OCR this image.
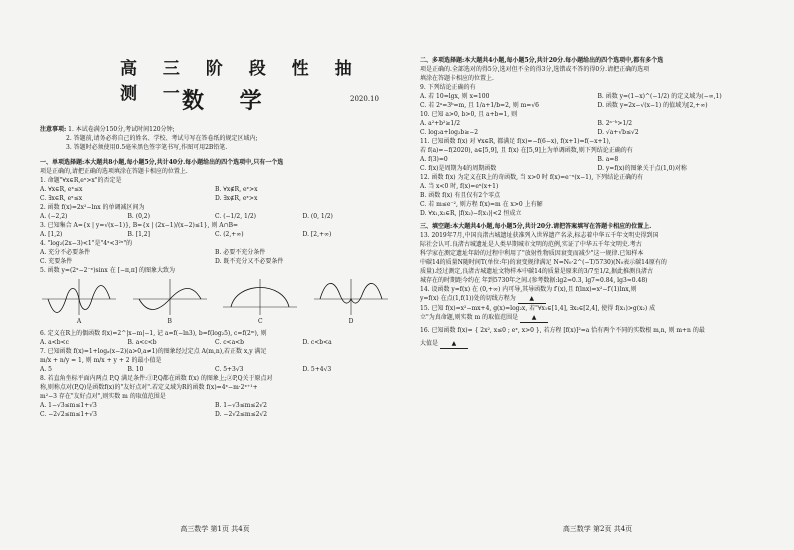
高 三 阶 段 性 抽 测 一
数 学	2020.10
注意事项: 1. 本试卷满分150分,考试时间120分钟;
2. 答题前,请务必将自己的姓名、学校、考试号写在答卷纸的规定区域内;
3. 答题时必须使用0.5毫米黑色签字笔书写,作图可用2B铅笔.
一、单项选择题:本大题共8小题,每小题5分,共计40分.每小题给出的四个选项中,只有一个选
项是正确的,请把正确的选项填涂在答题卡相应的位置上.
1. 命题"∀x∈R,eˣ>x"的否定是
A. ∀x∈R, eˣ≤x	B. ∀x∉R, eˣ>x
C. ∃x∈R, eˣ≤x	D. ∃x∉R, eˣ>x
2. 函数 f(x)=2x²−lnx 的单调减区间为
A. (−2,2)	B. (0,2)	C. (−1/2, 1/2)	D. (0, 1/2)
3. 已知集合 A={x | y=√(x−1)}, B={x | (2x−1)/(x−2)≤1}, 则 A∩B=
A. [1,2)	B. [1,2]	C. (2,+∞)	D. [2,+∞)
4. "log₂(2x−3)<1"是"4ˣ<3²ˣ"的
A. 充分不必要条件	B. 必要不充分条件
C. 充要条件	D. 既不充分又不必要条件
5. 函数 y=(2ˣ−2⁻ˣ)sinx 在 [−π,π] 的图象大致为
A	B	C	D
6. 定义在R上的偶函数 f(x)=2^|x−m|−1, 记 a=f(−ln3), b=f(log₂5), c=f(2ᵐ), 则
A. a<b<c	B. a<c<b	C. c<a<b	D. c<b<a
7. 已知函数 f(x)=1+logₐ(x−2)(a>0,a≠1)的图象经过定点 A(m,n),若正数 x,y 满足
m/x + n/y = 1, 则 m/x + y + 2 的最小值是
A. 5	B. 10	C. 5+3√3	D. 5+4√3
8. 若直角坐标平面内两点 P,Q 满足条件:①P,Q都在函数 f(x) 的图象上;②P,Q关于原点对
称,则称点对(P,Q)是函数f(x)的"友好点对".若定义域为R的函数 f(x)=4ˣ−m·2ˣ⁺¹+
m²−3 存在"友好点对",则实数 m 的取值范围是
A. 1−√3≤m≤1+√3	B. 1−√3≤m≤2√2
C. −2√2≤m≤1+√3	D. −2√2≤m≤2√2
高三数学 第1页 共4页
二、多项选择题:本大题共4小题,每小题5分,共计20分.每小题给出的四个选项中,都有多个选
项是正确的.全部选对的得5分,选对但不全的得3分,选错或不答的得0分.请把正确的选项
填涂在答题卡相应的位置上.
9. 下列结论正确的有
A. 若 10=lgx, 则 x=100	B. 函数 y=(1−x)^(−1/2) 的定义域为(−∞,1)
C. 若 2ᵃ=3ᵇ=m, 且 1/a+1/b=2, 则 m=√6	D. 函数 y=2x−√(x−1) 的值域为[2,+∞)
10. 已知 a>0, b>0, 且 a+b=1, 则
A. a²+b²≥1/2	B. 2ᵃ⁻ᵇ>1/2
C. log₂a+log₂b≥−2	D. √a+√b≤√2
11. 已知函数 f(x) 对 ∀x∈R, 都满足 f(x)=−f(6−x), f(x+1)=f(−x+1),
若 f(a)=−f(2020), a∈[5,9], 且 f(x) 在[5,9]上为单调函数,则下列结论正确的有
A. f(3)=0	B. a=8
C. f(x)是周期为4的周期函数	D. y=f(x)的图象关于点(1,0)对称
12. 函数 f(x) 为定义在R上的奇函数, 当 x>0 时 f(x)=e⁻ˣ(x−1), 下列结论正确的有
A. 当 x<0 时, f(x)=eˣ(x+1)
B. 函数 f(x) 有且仅有2个零点
C. 若 m≤e⁻², 则方程 f(x)=m 在 x>0 上有解
D. ∀x₁,x₂∈R, |f(x₂)−f(x₁)|<2 恒成立
三、填空题:本大题共4小题,每小题5分,共计20分.请把答案填写在答题卡相应的位置上.
13. 2019年7月,中国良渚古城遗址获准列入世界遗产名录,标志着中华五千年文明史得到国
际社会认可.良渚古城遗址是人类早期城市文明的范例,实证了中华五千年文明史.考古
科学家在测定遗址年龄的过程中利用了"放射性物质因衰变而减少"这一规律.已知样本
中碳14的质量N随时间T(单位:年)的衰变规律满足 N=N₀·2^(−T/5730)(N₀表示碳14原有的
质量).经过测定,良渚古城遗址文物样本中碳14的质量是原来的3/7至1/2,据此推测良渚古
城存在的时期距今约在 年到5730年之间.(参考数据:lg2≈0.3, lg7≈0.84, lg3≈0.48)
14. 设函数 y=f(x) 在 (0,+∞) 内可导,其导函数为 f′(x),且 f(lnx)=x²−f′(1)lnx,则
y=f(x) 在点(1,f(1))处的切线方程为 ▲
15. 已知 f(x)=x²−mx+4, g(x)=log₂x, 若"∀x₁∈[1,4], ∃x₂∈[2,4], 使得 f(x₁)>g(x₂) 成
立"为真命题,则实数 m 的取值范围是 ▲
16. 已知函数 f(x)= { 2x², x≤0 ; eˣ, x>0 }, 若方程 [f(x)]²=a 恰有两个不同的实数根 m,n, 则 m+n 的最
大值是 ▲
高三数学 第2页 共4页
